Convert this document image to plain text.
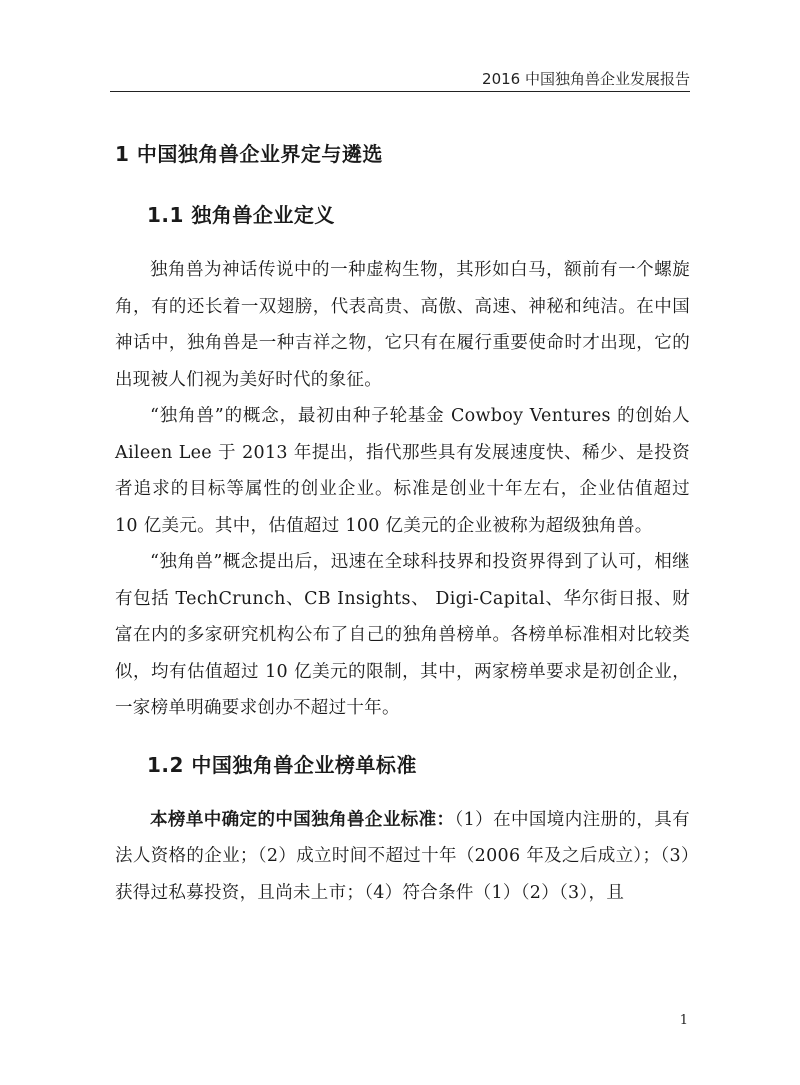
2016 中国独角兽企业发展报告
1 中国独角兽企业界定与遴选
1.1 独角兽企业定义

独角兽为神话传说中的一种虚构生物，其形如白马，额前有一个螺旋角，有的还长着一双翅膀，代表高贵、高傲、高速、神秘和纯洁。在中国神话中，独角兽是一种吉祥之物，它只有在履行重要使命时才出现，它的出现被人们视为美好时代的象征。

“独角兽”的概念，最初由种子轮基金 Cowboy Ventures 的创始人 Aileen Lee 于 2013 年提出，指代那些具有发展速度快、稀少、是投资者追求的目标等属性的创业企业。标准是创业十年左右，企业估值超过 10 亿美元。其中，估值超过 100 亿美元的企业被称为超级独角兽。

“独角兽”概念提出后，迅速在全球科技界和投资界得到了认可，相继有包括 TechCrunch、CB Insights、 Digi-Capital、华尔街日报、财富在内的多家研究机构公布了自己的独角兽榜单。各榜单标准相对比较类似，均有估值超过 10 亿美元的限制，其中，两家榜单要求是初创企业，一家榜单明确要求创办不超过十年。

1.2 中国独角兽企业榜单标准

本榜单中确定的中国独角兽企业标准：（1）在中国境内注册的，具有法人资格的企业；（2）成立时间不超过十年（2006 年及之后成立）；（3）获得过私募投资，且尚未上市；（4）符合条件（1）（2）（3），且

1
